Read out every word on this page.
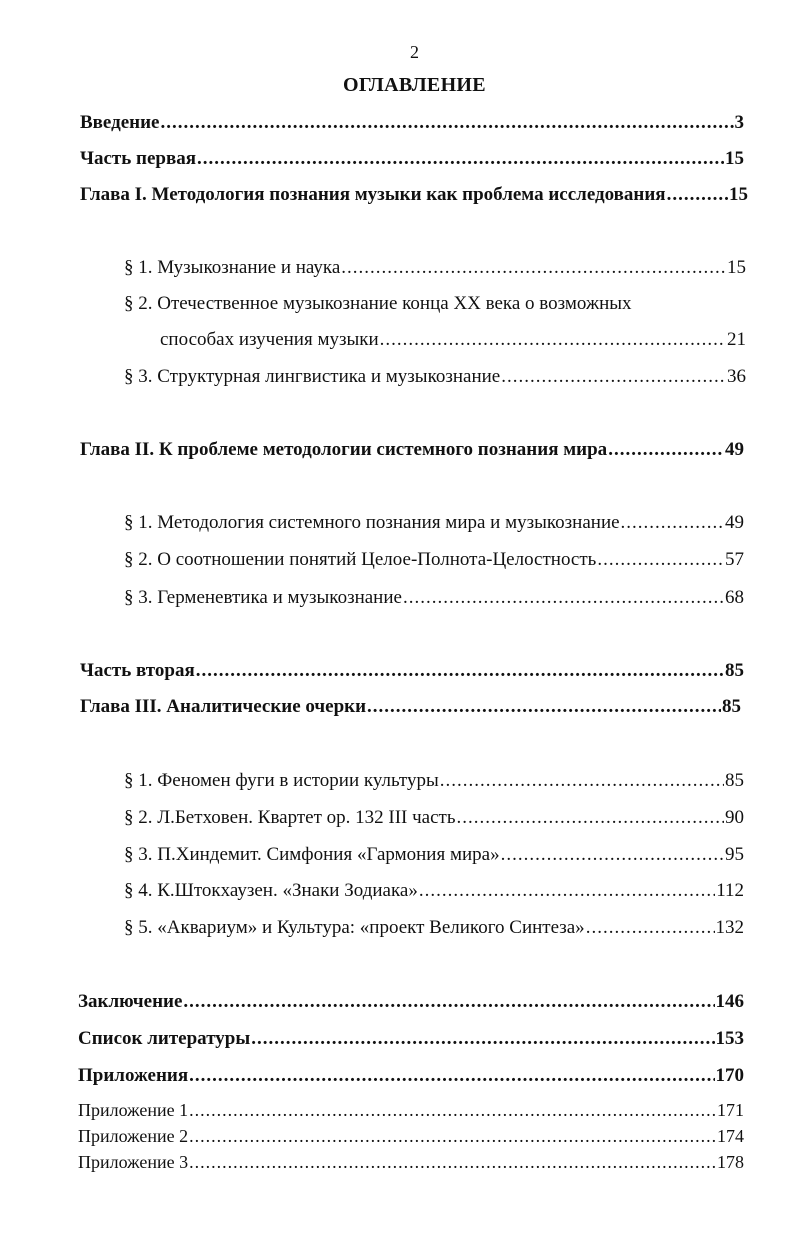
2
ОГЛАВЛЕНИЕ
Введение .....	3
Часть первая .....	15
Глава I. Методология познания музыки как проблема исследования .....	15
§ 1. Музыкознание и наука .....	15
§ 2. Отечественное музыкознание конца XX века о возможных
способах изучения музыки .....	21
§ 3. Структурная лингвистика и музыкознание .....	36
Глава II. К проблеме методологии системного познания мира .....	49
§ 1. Методология системного познания мира и музыкознание .....	49
§ 2. О соотношении понятий Целое-Полнота-Целостность .....	57
§ 3. Герменевтика и музыкознание .....	68
Часть вторая .....	85
Глава III. Аналитические очерки .....	85
§ 1. Феномен фуги в истории культуры .....	85
§ 2. Л.Бетховен. Квартет ор. 132 III часть .....	90
§ 3. П.Хиндемит. Симфония «Гармония мира» .....	95
§ 4. К.Штокхаузен. «Знаки Зодиака» .....	112
§ 5. «Аквариум» и Культура: «проект Великого Синтеза» .....	132
Заключение .....	146
Список литературы .....	153
Приложения .....	170
Приложение 1 .....	171
Приложение 2 .....	174
Приложение 3 .....	178
